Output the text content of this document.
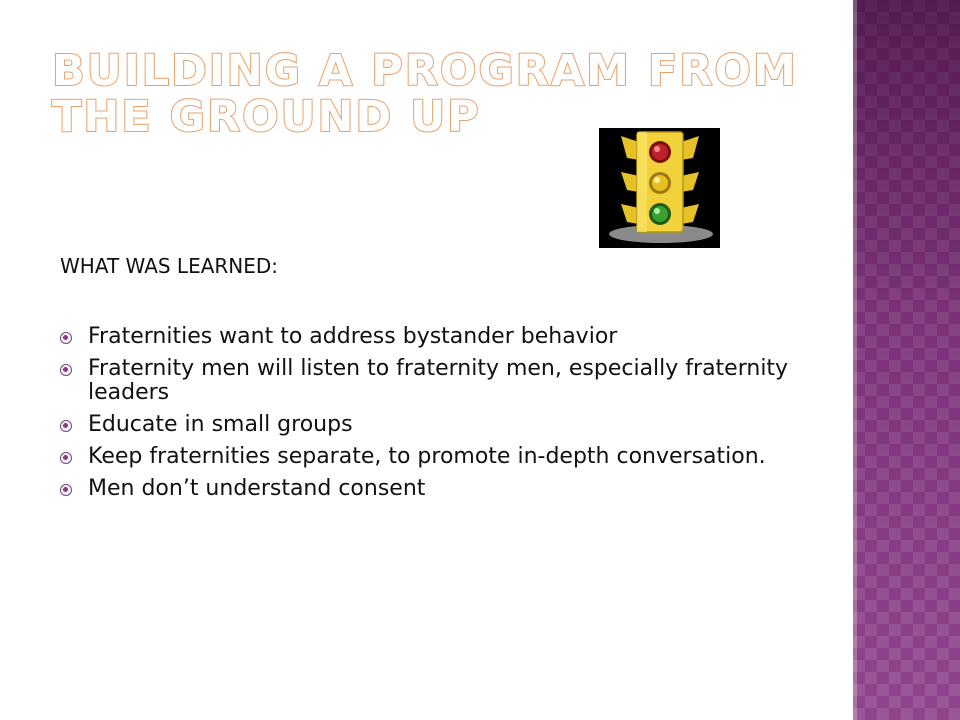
BUILDING A PROGRAM FROM THE GROUND UP

WHAT WAS LEARNED:

Fraternities want to address bystander behavior
Fraternity men will listen to fraternity men, especially fraternity leaders
Educate in small groups
Keep fraternities separate, to promote in-depth conversation.
Men don’t understand consent
